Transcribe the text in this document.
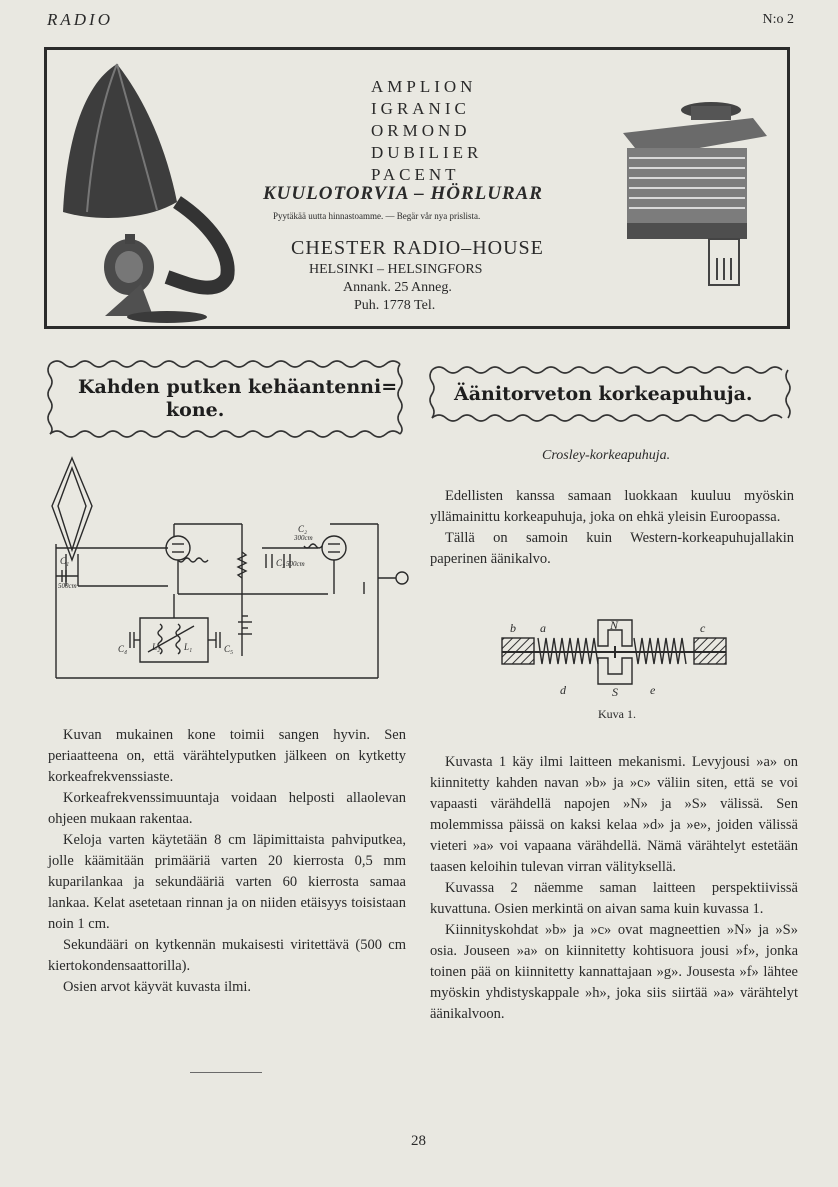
RADIO	N:o 2
AMPLION
IGRANIC
ORMOND
DUBILIER
PACENT
KUULOTORVIA – HÖRLURAR
Pyytäkää uutta hinnastoamme. — Begär vår nya prislista.
CHESTER RADIO–HOUSE
HELSINKI – HELSINGFORS
Annank. 25 Anneg.
Puh. 1778 Tel.
Kahden putken kehäantenni=
kone.
Äänitorveton korkeapuhuja.
C₁
500cm
C₂
300cm
C₃ 500cm
L₂	L₁
C₄	C₅

Kuvan mukainen kone toimii sangen hyvin. Sen periaatteena on, että värähtelyputken jälkeen on kytketty korkeafrekvenssiaste.

Korkeafrekvenssimuuntaja voidaan helposti allaolevan ohjeen mukaan rakentaa.

Keloja varten käytetään 8 cm läpimittaista pahviputkea, jolle käämitään primääriä varten 20 kierrosta 0,5 mm kuparilankaa ja sekundääriä varten 60 kierrosta samaa lankaa. Kelat asetetaan rinnan ja on niiden etäisyys toisistaan noin 1 cm.

Sekundääri on kytkennän mukaisesti viritettävä (500 cm kiertokondensaattorilla).

Osien arvot käyvät kuvasta ilmi.

Crosley-korkeapuhuja.

Edellisten kanssa samaan luokkaan kuuluu myöskin yllämainittu korkeapuhuja, joka on ehkä yleisin Euroopassa.

Tällä on samoin kuin Western-korkeapuhujallakin paperinen äänikalvo.

b a	N	c
d	S	e
Kuva 1.

Kuvasta 1 käy ilmi laitteen mekanismi. Levyjousi »a» on kiinnitetty kahden navan »b» ja »c» väliin siten, että se voi vapaasti värähdellä napojen »N» ja »S» välissä. Sen molemmissa päissä on kaksi kelaa »d» ja »e», joiden välissä vieteri »a» voi vapaana värähdellä. Nämä värähtelyt estetään taasen keloihin tulevan virran välityksellä.

Kuvassa 2 näemme saman laitteen perspektiivissä kuvattuna. Osien merkintä on aivan sama kuin kuvassa 1.

Kiinnityskohdat »b» ja »c» ovat magneettien »N» ja »S» osia. Jouseen »a» on kiinnitetty kohtisuora jousi »f», jonka toinen pää on kiinnitetty kannattajaan »g». Jousesta »f» lähtee myöskin yhdistyskappale »h», joka siis siirtää »a» värähtelyt äänikalvoon.

28
